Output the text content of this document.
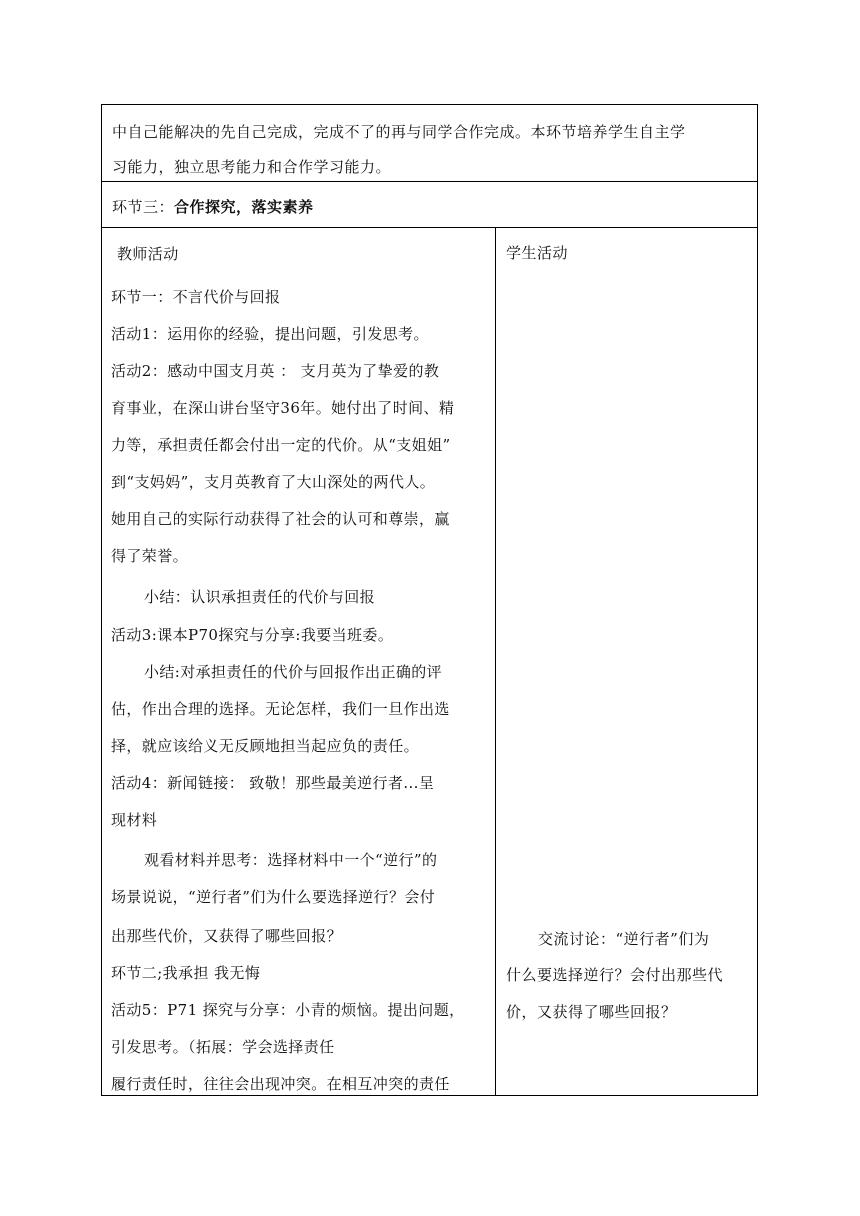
中自己能解决的先自己完成，完成不了的再与同学合作完成。本环节培养学生自主学
习能力，独立思考能力和合作学习能力。
环节三：合作探究，落实素养
教师活动
环节一：不言代价与回报
活动1：运用你的经验，提出问题，引发思考。
活动2：感动中国支月英 ： 支月英为了挚爱的教
育事业，在深山讲台坚守36年。她付出了时间、精
力等，承担责任都会付出一定的代价。从“支姐姐”
到“支妈妈”，支月英教育了大山深处的两代人。
她用自己的实际行动获得了社会的认可和尊崇，赢
得了荣誉。
小结：认识承担责任的代价与回报
活动3:课本P70探究与分享:我要当班委。
小结:对承担责任的代价与回报作出正确的评
估，作出合理的选择。无论怎样，我们一旦作出选
择，就应该给义无反顾地担当起应负的责任。
活动4：新闻链接： 致敬！那些最美逆行者...呈
现材料
观看材料并思考：选择材料中一个“逆行”的
场景说说，“逆行者”们为什么要选择逆行？会付
出那些代价，又获得了哪些回报？
环节二;我承担 我无悔
活动5：P71 探究与分享：小青的烦恼。提出问题，
引发思考。（拓展：学会选择责任
履行责任时，往往会出现冲突。在相互冲突的责任
学生活动
交流讨论：“逆行者”们为
什么要选择逆行？会付出那些代
价，又获得了哪些回报？
